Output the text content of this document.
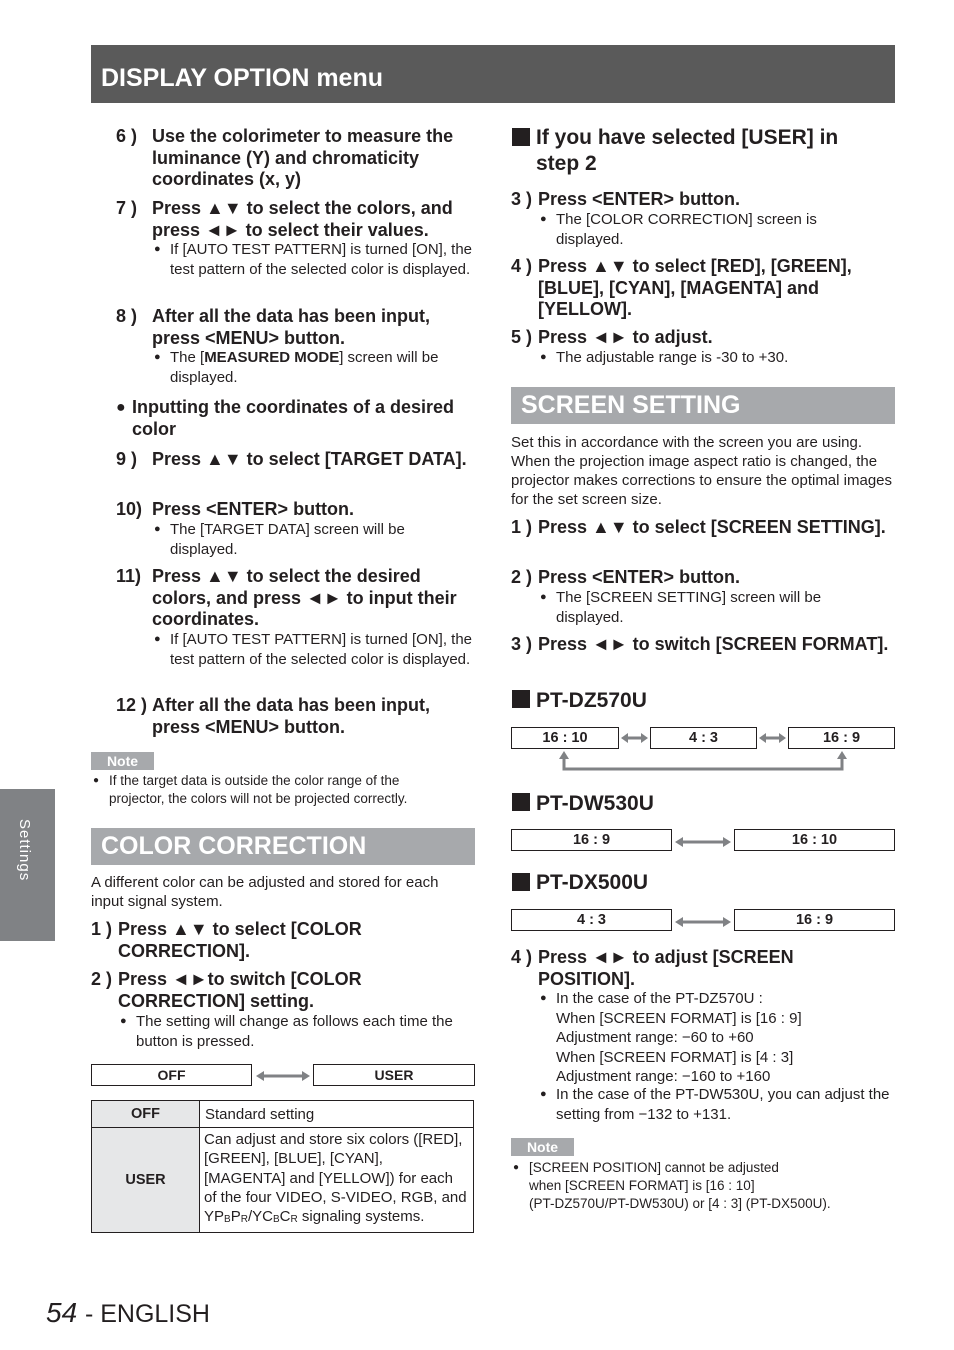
DISPLAY OPTION menu
Settings
6 ) Use the colorimeter to measure the luminance (Y) and chromaticity coordinates (x, y)
7 ) Press ▲▼ to select the colors, and press ◄► to select their values.
● If [AUTO TEST PATTERN] is turned [ON], the test pattern of the selected color is displayed.
8 ) After all the data has been input, press <MENU> button.
● The [MEASURED MODE] screen will be displayed.
● Inputting the coordinates of a desired color
9 ) Press ▲▼ to select [TARGET DATA].
10) Press <ENTER> button.
● The [TARGET DATA] screen will be displayed.
11) Press ▲▼ to select the desired colors, and press ◄► to input their coordinates.
● If [AUTO TEST PATTERN] is turned [ON], the test pattern of the selected color is displayed.
12 ) After all the data has been input, press <MENU> button.
Note
● If the target data is outside the color range of the projector, the colors will not be projected correctly.
COLOR CORRECTION
A different color can be adjusted and stored for each input signal system.
1 ) Press ▲▼ to select [COLOR CORRECTION].
2 ) Press ◄►to switch [COLOR CORRECTION] setting.
● The setting will change as follows each time the button is pressed.
OFF	USER
OFF	Standard setting
USER	Can adjust and store six colors ([RED], [GREEN], [BLUE], [CYAN], [MAGENTA] and [YELLOW]) for each of the four VIDEO, S-VIDEO, RGB, and $YP_BP_R/YC_BC_R$ signaling systems.
If you have selected [USER] in step 2
3 ) Press <ENTER> button.
● The [COLOR CORRECTION] screen is displayed.
4 ) Press ▲▼ to select [RED], [GREEN], [BLUE], [CYAN], [MAGENTA] and [YELLOW].
5 ) Press ◄► to adjust.
● The adjustable range is -30 to +30.
SCREEN SETTING
Set this in accordance with the screen you are using. When the projection image aspect ratio is changed, the projector makes corrections to ensure the optimal images for the set screen size.
1 ) Press ▲▼ to select [SCREEN SETTING].
2 ) Press <ENTER> button.
● The [SCREEN SETTING] screen will be displayed.
3 ) Press ◄► to switch [SCREEN FORMAT].
PT-DZ570U
16 : 10	4 : 3	16 : 9
PT-DW530U
16 : 9	16 : 10
PT-DX500U
4 : 3	16 : 9
4 ) Press ◄► to adjust [SCREEN POSITION].
● In the case of the PT-DZ570U :
When [SCREEN FORMAT] is [16 : 9]
Adjustment range: −60 to +60
When [SCREEN FORMAT] is [4 : 3]
Adjustment range: −160 to +160
● In the case of the PT-DW530U, you can adjust the setting from −132 to +131.
Note
● [SCREEN POSITION] cannot be adjusted
when [SCREEN FORMAT] is [16 : 10]
(PT-DZ570U/PT-DW530U) or [4 : 3] (PT-DX500U).
54 - ENGLISH
